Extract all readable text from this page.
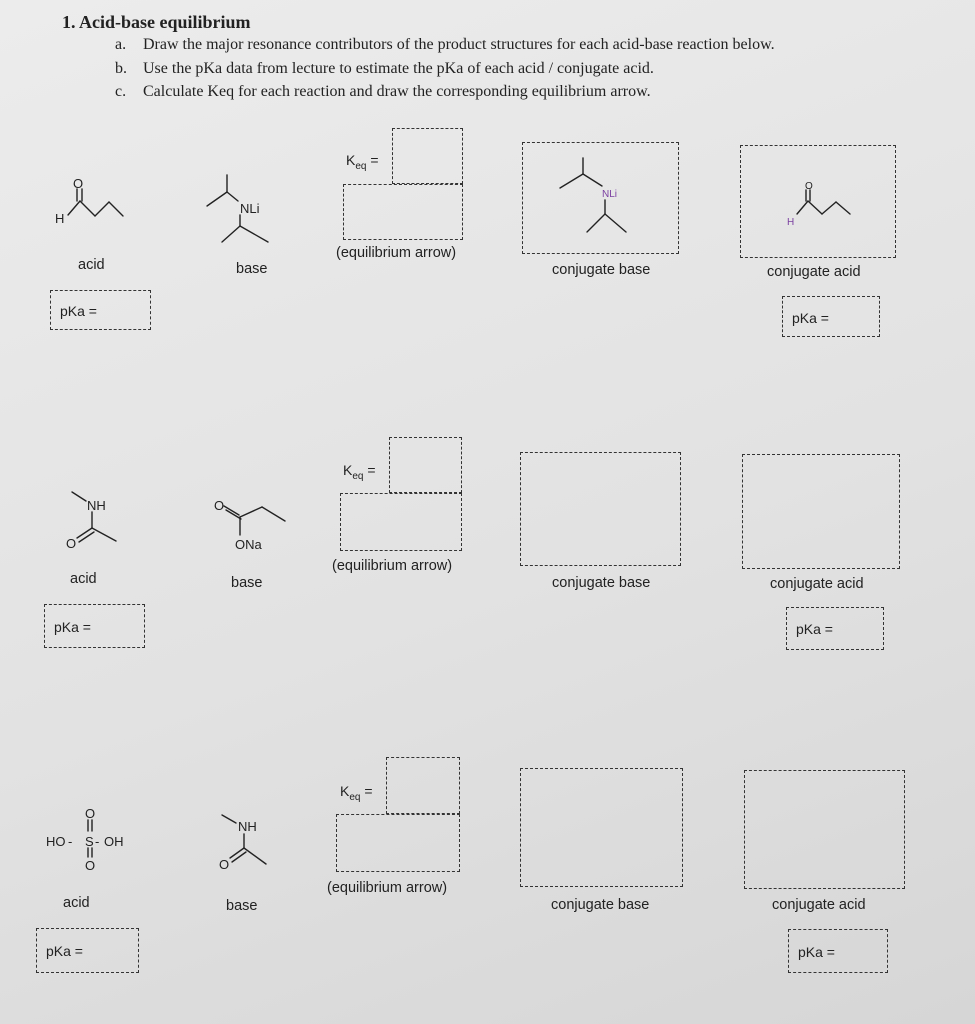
1. Acid-base equilibrium
a. Draw the major resonance contributors of the product structures for each acid-base reaction below.
b. Use the pKa data from lecture to estimate the pKa of each acid / conjugate acid.
c. Calculate Keq for each reaction and draw the corresponding equilibrium arrow.
$K_{eq}$ =
(equilibrium arrow)
acid	base	conjugate base	conjugate acid
pKa =	pKa =
$K_{eq}$ =
(equilibrium arrow)
acid	base	conjugate base	conjugate acid
pKa =	pKa =
$K_{eq}$ =
(equilibrium arrow)
acid	base	conjugate base	conjugate acid
pKa =	pKa =
O
H
NLi
NLi
O
H
NH
O
O
ONa
O
HO - S - OH
O
NH
O
